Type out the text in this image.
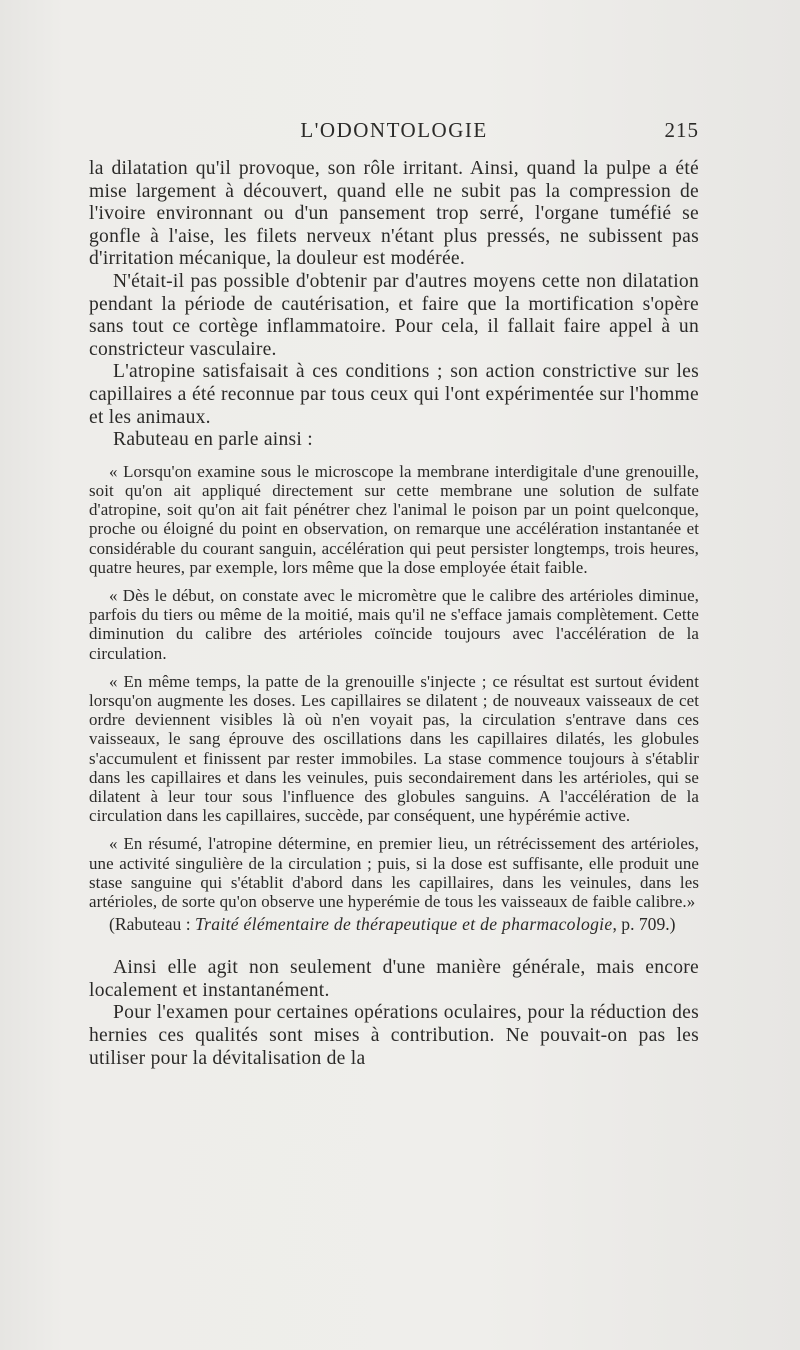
L'ODONTOLOGIE	215

la dilatation qu'il provoque, son rôle irritant. Ainsi, quand la pulpe a été mise largement à découvert, quand elle ne subit pas la compression de l'ivoire environnant ou d'un pansement trop serré, l'organe tuméfié se gonfle à l'aise, les filets nerveux n'étant plus pressés, ne subissent pas d'irritation mécanique, la douleur est modérée.

N'était-il pas possible d'obtenir par d'autres moyens cette non dilatation pendant la période de cautérisation, et faire que la mortification s'opère sans tout ce cortège inflammatoire. Pour cela, il fallait faire appel à un constricteur vasculaire.

L'atropine satisfaisait à ces conditions ; son action constrictive sur les capillaires a été reconnue par tous ceux qui l'ont expérimentée sur l'homme et les animaux.

Rabuteau en parle ainsi :

« Lorsqu'on examine sous le microscope la membrane interdigitale d'une grenouille, soit qu'on ait appliqué directement sur cette membrane une solution de sulfate d'atropine, soit qu'on ait fait pénétrer chez l'animal le poison par un point quelconque, proche ou éloigné du point en observation, on remarque une accélération instantanée et considérable du courant sanguin, accélération qui peut persister longtemps, trois heures, quatre heures, par exemple, lors même que la dose employée était faible.

« Dès le début, on constate avec le micromètre que le calibre des artérioles diminue, parfois du tiers ou même de la moitié, mais qu'il ne s'efface jamais complètement. Cette diminution du calibre des artérioles coïncide toujours avec l'accélération de la circulation.

« En même temps, la patte de la grenouille s'injecte ; ce résultat est surtout évident lorsqu'on augmente les doses. Les capillaires se dilatent ; de nouveaux vaisseaux de cet ordre deviennent visibles là où n'en voyait pas, la circulation s'entrave dans ces vaisseaux, le sang éprouve des oscillations dans les capillaires dilatés, les globules s'accumulent et finissent par rester immobiles. La stase commence toujours à s'établir dans les capillaires et dans les veinules, puis secondairement dans les artérioles, qui se dilatent à leur tour sous l'influence des globules sanguins. A l'accélération de la circulation dans les capillaires, succède, par conséquent, une hypérémie active.

« En résumé, l'atropine détermine, en premier lieu, un rétrécissement des artérioles, une activité singulière de la circulation ; puis, si la dose est suffisante, elle produit une stase sanguine qui s'établit d'abord dans les capillaires, dans les veinules, dans les artérioles, de sorte qu'on observe une hyperémie de tous les vaisseaux de faible calibre.»

(Rabuteau : Traité élémentaire de thérapeutique et de pharmacologie, p. 709.)

Ainsi elle agit non seulement d'une manière générale, mais encore localement et instantanément.

Pour l'examen pour certaines opérations oculaires, pour la réduction des hernies ces qualités sont mises à contribution. Ne pouvait-on pas les utiliser pour la dévitalisation de la
